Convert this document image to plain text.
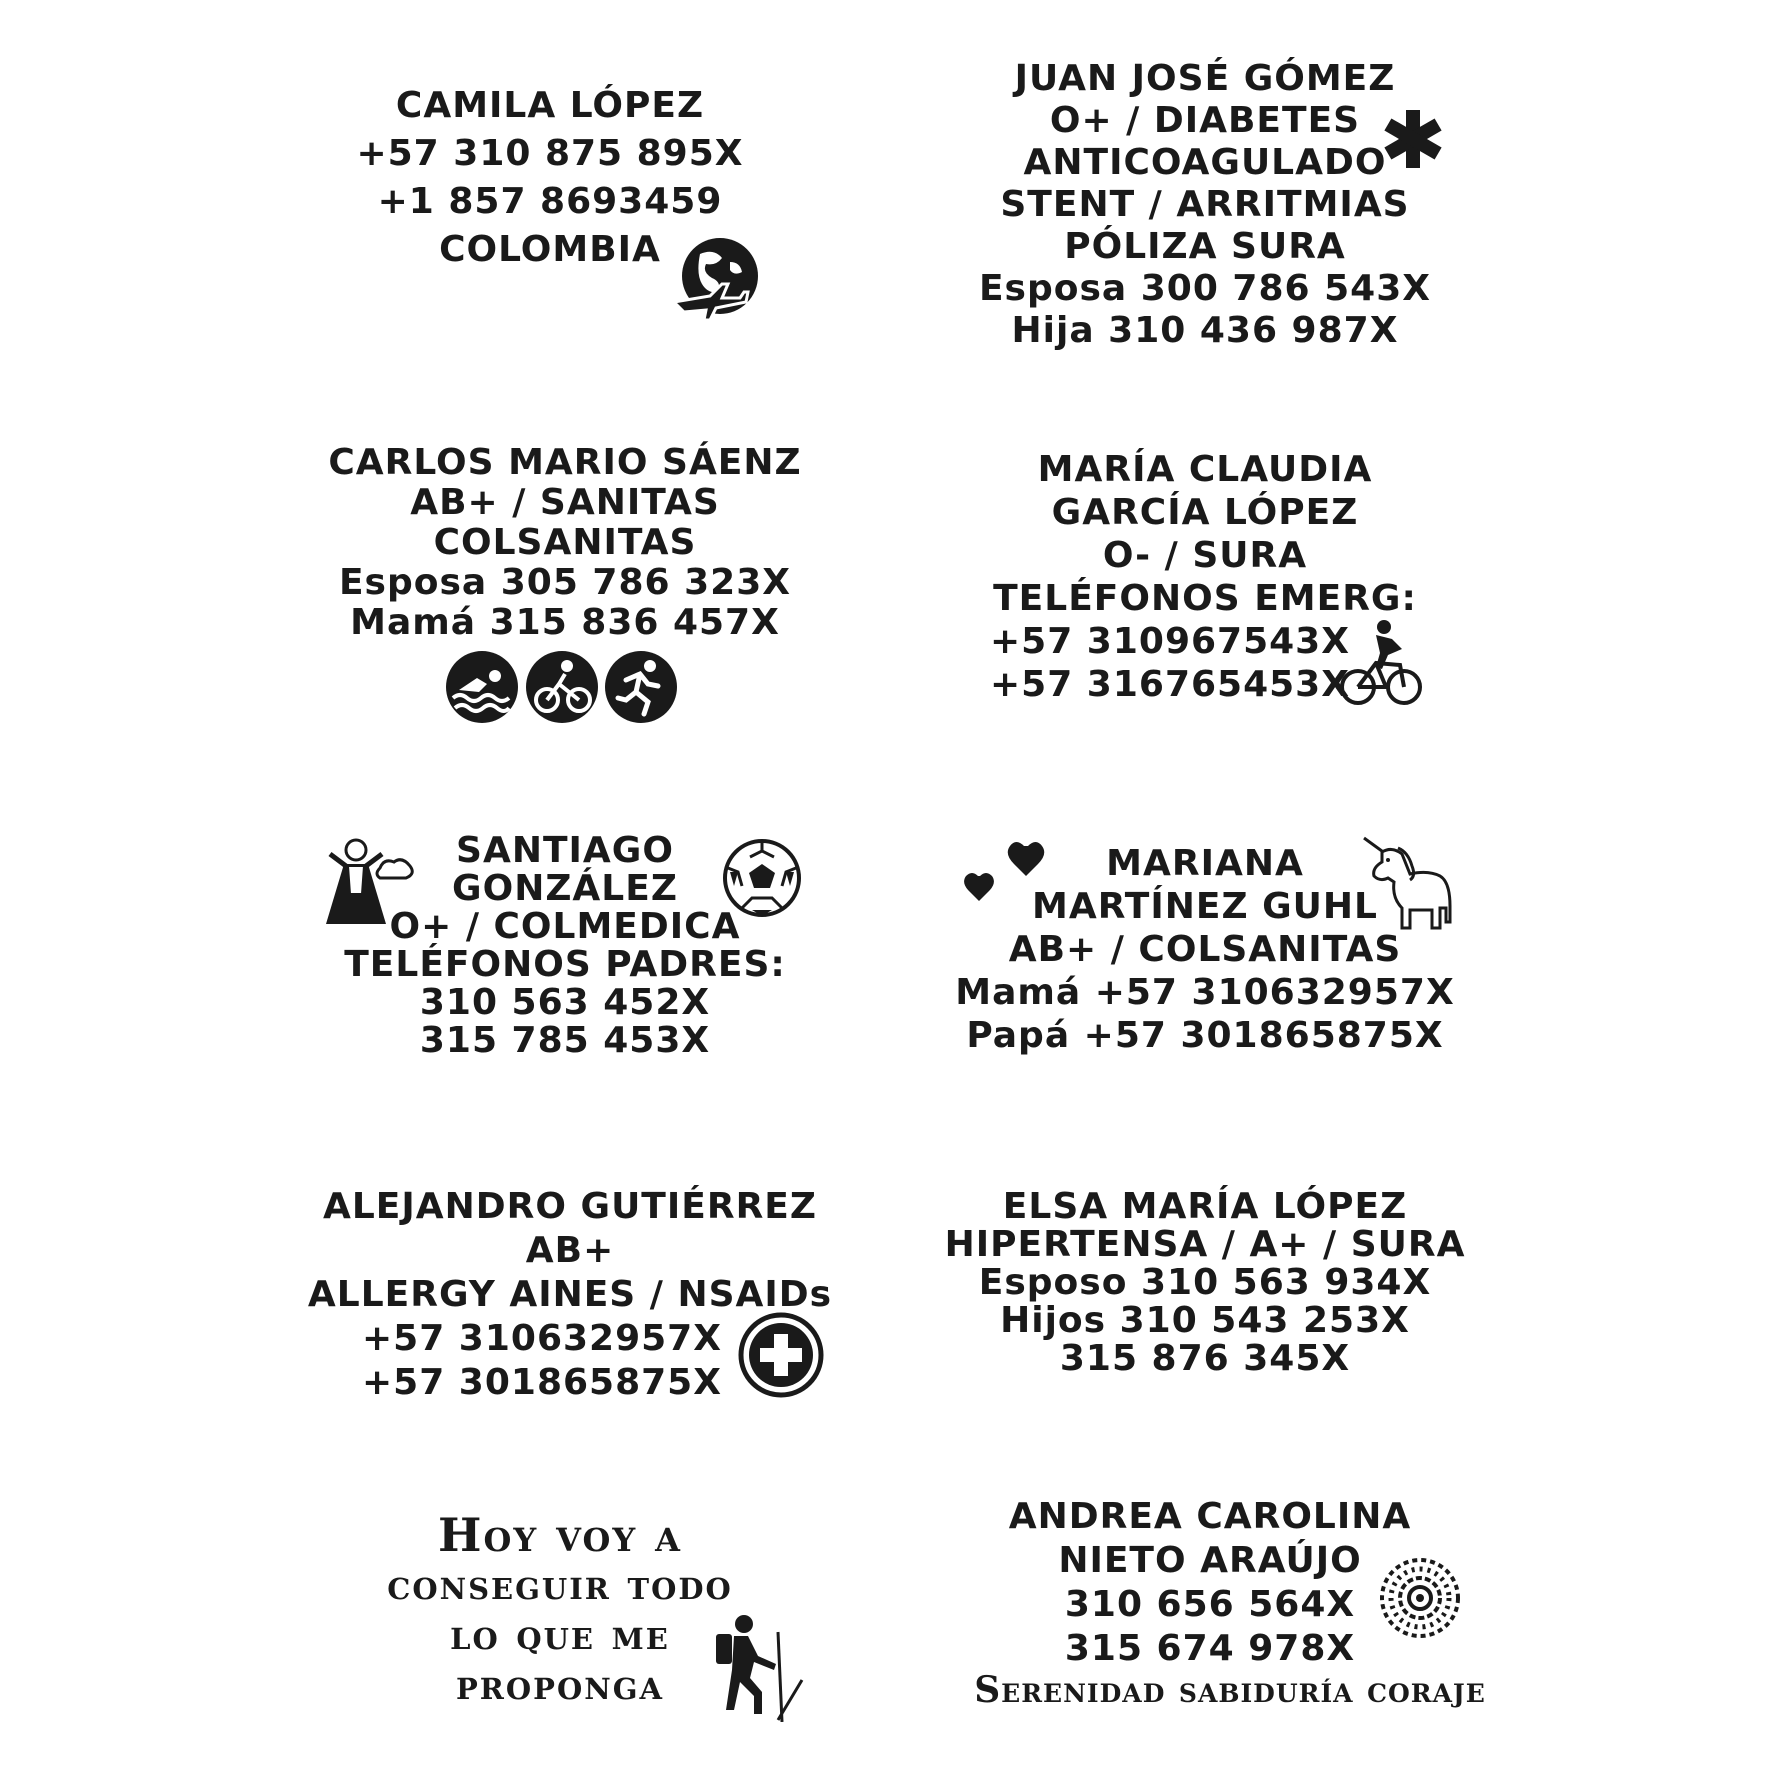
CAMILA LÓPEZ
+57 310 875 895X
+1 857 8693459
COLOMBIA
JUAN JOSÉ GÓMEZ
O+ / DIABETES
ANTICOAGULADO
STENT / ARRITMIAS
PÓLIZA SURA
Esposa 300 786 543X
Hija 310 436 987X
CARLOS MARIO SÁENZ
AB+ / SANITAS
COLSANITAS
Esposa 305 786 323X
Mamá 315 836 457X
MARÍA CLAUDIA
GARCÍA LÓPEZ
O- / SURA
TELÉFONOS EMERG:
+57 310967543X
+57 316765453X
SANTIAGO
GONZÁLEZ
O+ / COLMEDICA
TELÉFONOS PADRES:
310 563 452X
315 785 453X
MARIANA
MARTÍNEZ GUHL
AB+ / COLSANITAS
Mamá +57 310632957X
Papá +57 301865875X
ALEJANDRO GUTIÉRREZ
AB+
ALLERGY AINES / NSAIDs
+57 310632957X
+57 301865875X
ELSA MARÍA LÓPEZ
HIPERTENSA / A+ / SURA
Esposo 310 563 934X
Hijos 310 543 253X
315 876 345X
Hoy voy a
conseguir todo
lo que me
proponga
ANDREA CAROLINA
NIETO ARAÚJO
310 656 564X
315 674 978X
Serenidad sabiduría coraje
